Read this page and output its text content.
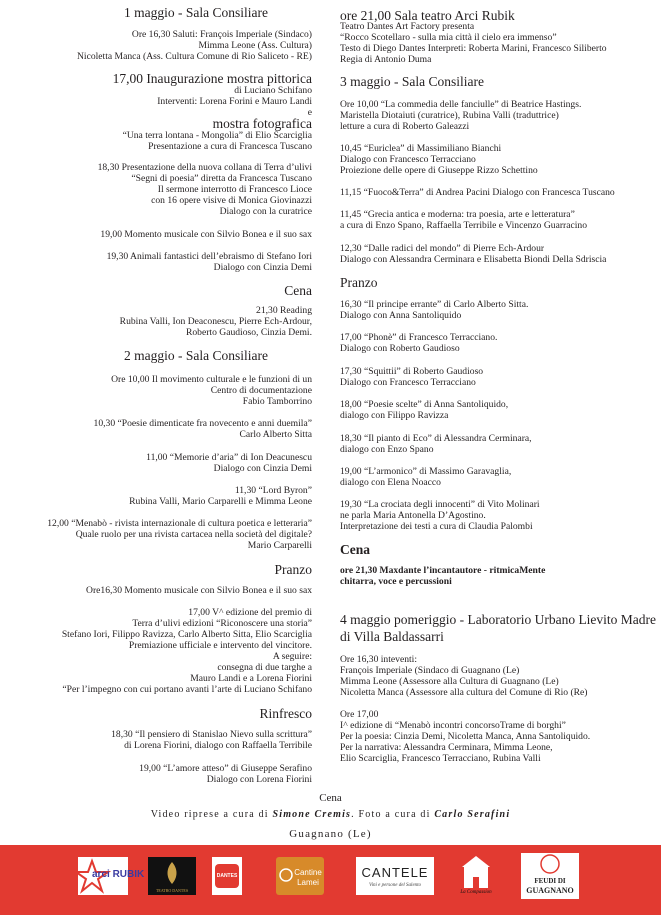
1 maggio - Sala Consiliare
Ore 16,30 Saluti: François Imperiale (Sindaco)
Mimma Leone (Ass. Cultura)
Nicoletta Manca (Ass. Cultura Comune di Rio Saliceto - RE)
17,00 Inaugurazione mostra pittorica
di Luciano Schifano
Interventi: Lorena Forini e Mauro Landi
e
mostra fotografica
“Una terra lontana - Mongolia” di Elio Scarciglia
Presentazione a cura di Francesca Tuscano
18,30 Presentazione della nuova collana di Terra d’ulivi
“Segni di poesia” diretta da Francesca Tuscano
Il sermone interrotto di Francesco Lioce
con 16 opere visive di Monica Giovinazzi
Dialogo con la curatrice
19,00 Momento musicale con Silvio Bonea e il suo sax
19,30 Animali fantastici dell’ebraismo di Stefano Iori
Dialogo con Cinzia Demi
Cena
21,30 Reading
Rubina Valli, Ion Deaconescu, Pierre Ech-Ardour,
Roberto Gaudioso, Cinzia Demi.
2 maggio - Sala Consiliare
Ore 10,00 Il movimento culturale e le funzioni di un
Centro di documentazione
Fabio Tamborrino
10,30 “Poesie dimenticate fra novecento e anni duemila”
Carlo Alberto Sitta
11,00 “Memorie d’aria” di Ion Deacunescu
Dialogo con Cinzia Demi
11,30 “Lord Byron”
Rubina Valli, Mario Carparelli e Mimma Leone
12,00 “Menabò - rivista internazionale di cultura poetica e letteraria”
Quale ruolo per una rivista cartacea nella società del digitale?
Mario Carparelli
Pranzo
Ore16,30 Momento musicale con Silvio Bonea e il suo sax
17,00 V^ edizione del premio di
Terra d’ulivi edizioni “Riconoscere una storia”
Stefano Iori, Filippo Ravizza, Carlo Alberto Sitta, Elio Scarciglia
Premiazione ufficiale e intervento del vincitore.
A seguire:
consegna di due targhe a
Mauro Landi e a Lorena Fiorini
“Per l’impegno con cui portano avanti l’arte di Luciano Schifano
Rinfresco
18,30 “Il pensiero di Stanislao Nievo sulla scrittura”
di Lorena Fiorini, dialogo con Raffaella Terribile
19,00 “L’amore atteso” di Giuseppe Serafino
Dialogo con Lorena Fiorini
ore 21,00 Sala teatro Arci Rubik
Teatro Dantes Art Factory presenta
“Rocco Scotellaro - sulla mia città il cielo era immenso”
Testo di Diego Dantes Interpreti: Roberta Marini, Francesco Siliberto
Regia di Antonio Duma
3 maggio - Sala Consiliare
Ore 10,00 “La commedia delle fanciulle” di Beatrice Hastings.
Maristella Diotaiuti (curatrice), Rubina Valli (traduttrice)
letture a cura di Roberto Galeazzi
10,45 “Euriclea” di Massimiliano Bianchi
Dialogo con Francesco Terracciano
Proiezione delle opere di Giuseppe Rizzo Schettino
11,15 “Fuoco&Terra” di Andrea Pacini Dialogo con Francesca Tuscano
11,45 “Grecia antica e moderna: tra poesia, arte e letteratura”
a cura di Enzo Spano, Raffaella Terribile e Vincenzo Guarracino
12,30 “Dalle radici del mondo” di Pierre Ech-Ardour
Dialogo con Alessandra Cerminara e Elisabetta Biondi Della Sdriscia
Pranzo
16,30 “Il principe errante” di Carlo Alberto Sitta.
Dialogo con Anna Santoliquido
17,00 “Phonè” di Francesco Terracciano.
Dialogo con Roberto Gaudioso
17,30 “Squittii” di Roberto Gaudioso
Dialogo con Francesco Terracciano
18,00 “Poesie scelte” di Anna Santoliquido,
dialogo con Filippo Ravizza
18,30 “Il pianto di Eco” di Alessandra Cerminara,
dialogo con Enzo Spano
19,00 “L’armonico” di Massimo Garavaglia,
dialogo con Elena Noacco
19,30 “La crociata degli innocenti” di Vito Molinari
ne parla Maria Antonella D’Agostino.
Interpretazione dei testi a cura di Claudia Palombi
Cena
ore 21,30 Maxdante l’incantautore - ritmicaMente
chitarra, voce e percussioni
4 maggio pomeriggio - Laboratorio Urbano Lievito Madre
di Villa Baldassarri
Ore 16,30 inteventi:
François Imperiale (Sindaco di Guagnano (Le)
Mimma Leone (Assessore alla Cultura di Guagnano (Le)
Nicoletta Manca (Assessore alla cultura del Comune di Rio (Re)
Ore 17,00
I^ edizione di “Menabò incontri concorsoTrame di borghi”
Per la poesia: Cinzia Demi, Nicoletta Manca, Anna Santoliquido.
Per la narrativa: Alessandra Cerminara, Mimma Leone,
Elio Scarciglia, Francesco Terracciano, Rubina Valli
Cena
Video riprese a cura di Simone Cremis. Foto a cura di Carlo Serafini
Guagnano (Le)
arci RUBIK
TEATRO DANTES
DANTES	Cantine
Lamei
CANTELE
Vini e persone del Salento
La Compassion
FEUDI DI
GUAGNANO
